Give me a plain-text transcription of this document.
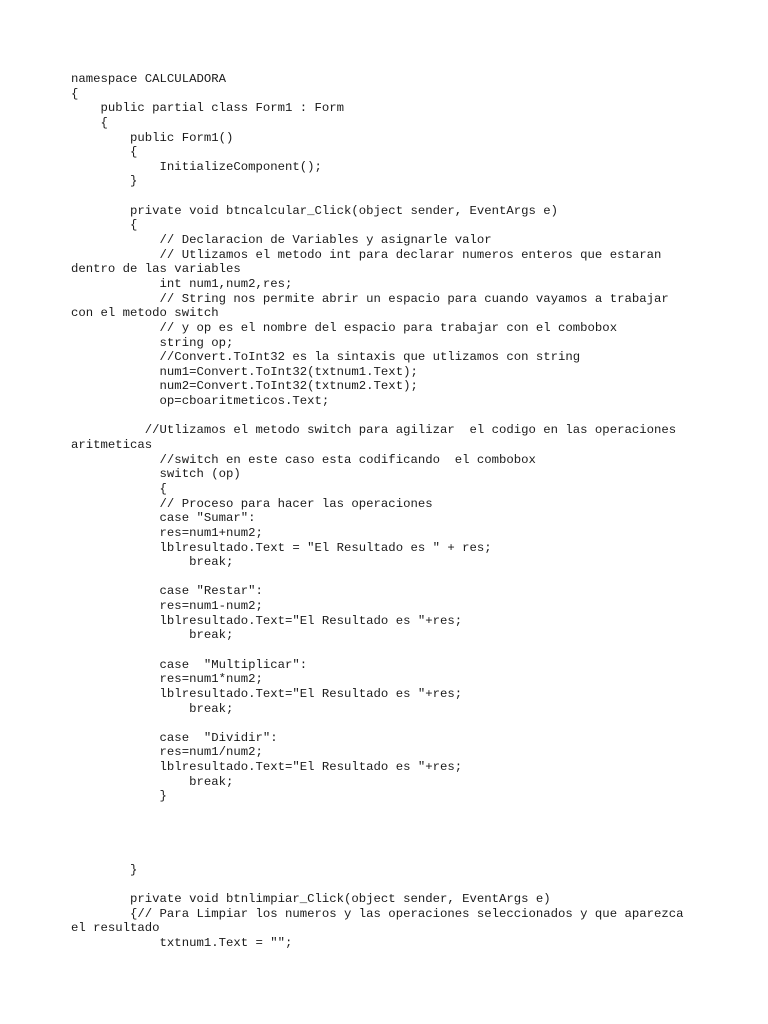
namespace CALCULADORA
{
public partial class Form1 : Form
{
public Form1()
{
InitializeComponent();
}
private void btncalcular_Click(object sender, EventArgs e)
{
// Declaracion de Variables y asignarle valor
// Utlizamos el metodo int para declarar numeros enteros que estaran
dentro de las variables
int num1,num2,res;
// String nos permite abrir un espacio para cuando vayamos a trabajar
con el metodo switch
// y op es el nombre del espacio para trabajar con el combobox
string op;
//Convert.ToInt32 es la sintaxis que utlizamos con string
num1=Convert.ToInt32(txtnum1.Text);
num2=Convert.ToInt32(txtnum2.Text);
op=cboaritmeticos.Text;
//Utlizamos el metodo switch para agilizar  el codigo en las operaciones
aritmeticas
//switch en este caso esta codificando  el combobox
switch (op)
{
// Proceso para hacer las operaciones
case "Sumar":
res=num1+num2;
lblresultado.Text = "El Resultado es " + res;
break;
case "Restar":
res=num1-num2;
lblresultado.Text="El Resultado es "+res;
break;
case  "Multiplicar":
res=num1*num2;
lblresultado.Text="El Resultado es "+res;
break;
case  "Dividir":
res=num1/num2;
lblresultado.Text="El Resultado es "+res;
break;
}
}
private void btnlimpiar_Click(object sender, EventArgs e)
{// Para Limpiar los numeros y las operaciones seleccionados y que aparezca
el resultado
txtnum1.Text = "";
